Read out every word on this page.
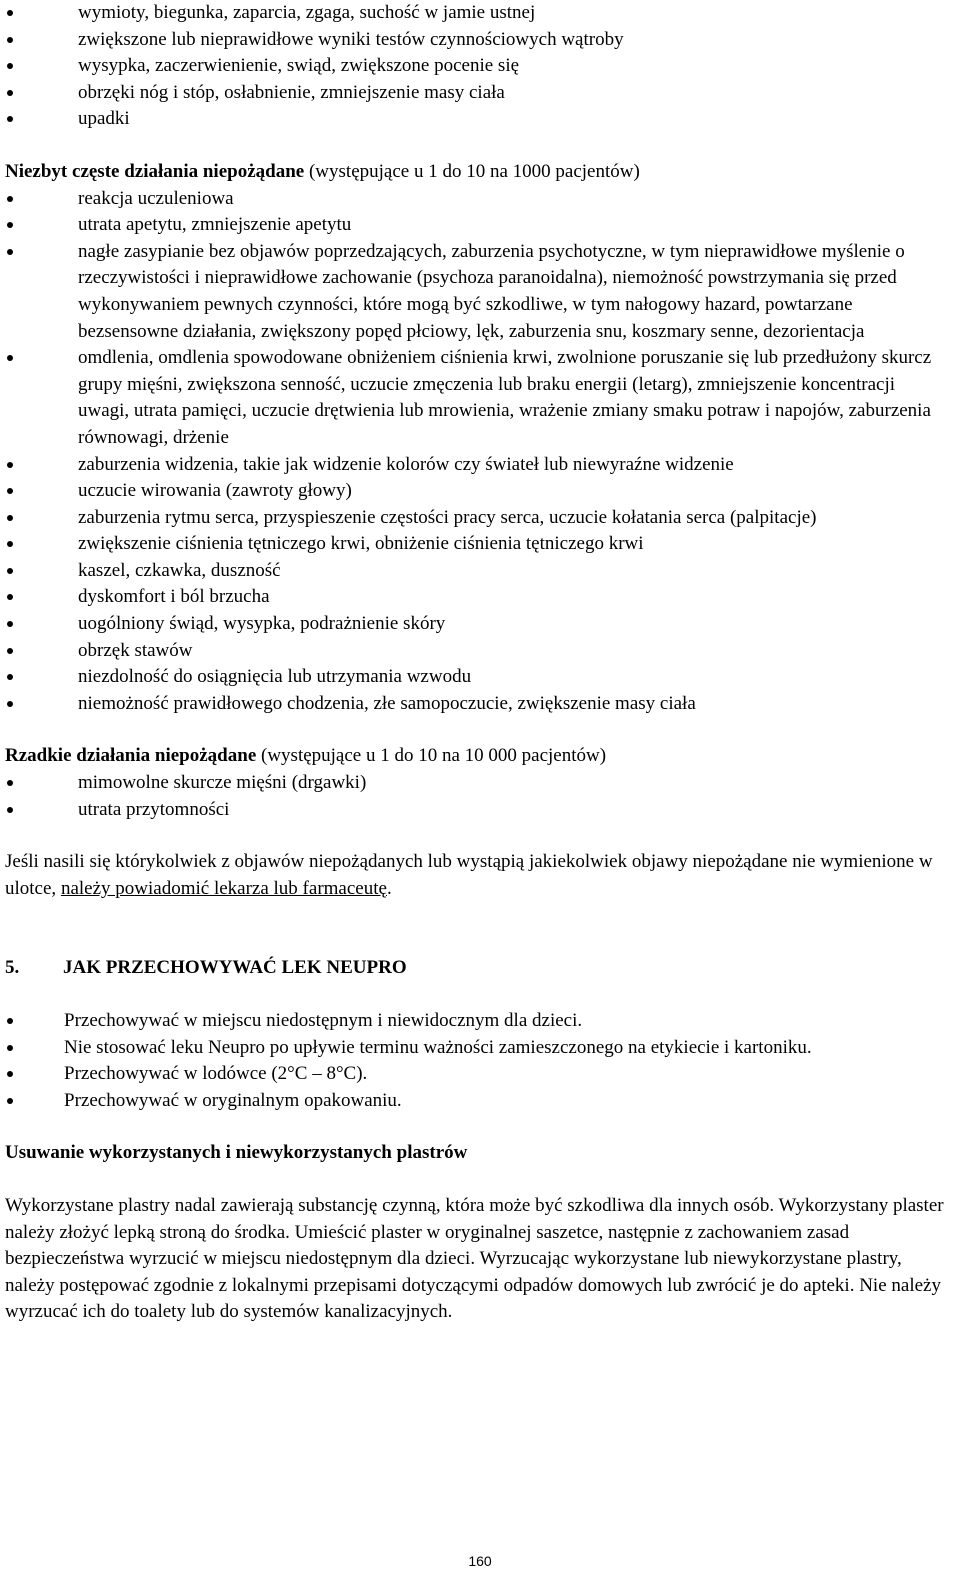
wymioty, biegunka, zaparcia, zgaga, suchość w jamie ustnej
zwiększone lub nieprawidłowe wyniki testów czynnościowych wątroby
wysypka, zaczerwienienie, swiąd, zwiększone pocenie się
obrzęki nóg i stóp, osłabnienie, zmniejszenie masy ciała
upadki
Niezbyt częste działania niepożądane (występujące u 1 do 10 na 1000 pacjentów)
reakcja uczuleniowa
utrata apetytu, zmniejszenie apetytu
nagłe zasypianie bez objawów poprzedzających, zaburzenia psychotyczne, w tym nieprawidłowe myślenie o rzeczywistości i nieprawidłowe zachowanie (psychoza paranoidalna), niemożność powstrzymania się przed wykonywaniem pewnych czynności, które mogą być szkodliwe, w tym nałogowy hazard, powtarzane bezsensowne działania, zwiększony popęd płciowy, lęk, zaburzenia snu, koszmary senne, dezorientacja
omdlenia, omdlenia spowodowane obniżeniem ciśnienia krwi, zwolnione poruszanie się lub przedłużony skurcz grupy mięśni, zwiększona senność, uczucie zmęczenia lub braku energii (letarg), zmniejszenie koncentracji uwagi, utrata pamięci, uczucie drętwienia lub mrowienia, wrażenie zmiany smaku potraw i napojów, zaburzenia równowagi, drżenie
zaburzenia widzenia, takie jak widzenie kolorów czy świateł lub niewyraźne widzenie
uczucie wirowania (zawroty głowy)
zaburzenia rytmu serca, przyspieszenie częstości pracy serca, uczucie kołatania serca (palpitacje)
zwiększenie ciśnienia tętniczego krwi, obniżenie ciśnienia tętniczego krwi
kaszel, czkawka, duszność
dyskomfort i ból brzucha
uogólniony świąd, wysypka, podrażnienie skóry
obrzęk stawów
niezdolność do osiągnięcia lub utrzymania wzwodu
niemożność prawidłowego chodzenia, złe samopoczucie, zwiększenie masy ciała
Rzadkie działania niepożądane (występujące u 1 do 10 na 10 000 pacjentów)
mimowolne skurcze mięśni (drgawki)
utrata przytomności
Jeśli nasili się którykolwiek z objawów niepożądanych lub wystąpią jakiekolwiek objawy niepożądane nie wymienione w ulotce, należy powiadomić lekarza lub farmaceutę.
5. JAK PRZECHOWYWAĆ LEK NEUPRO
Przechowywać w miejscu niedostępnym i niewidocznym dla dzieci.
Nie stosować leku Neupro po upływie terminu ważności zamieszczonego na etykiecie i kartoniku.
Przechowywać w lodówce (2°C – 8°C).
Przechowywać w oryginalnym opakowaniu.
Usuwanie wykorzystanych i niewykorzystanych plastrów
Wykorzystane plastry nadal zawierają substancję czynną, która może być szkodliwa dla innych osób. Wykorzystany plaster należy złożyć lepką stroną do środka. Umieścić plaster w oryginalnej saszetce, następnie z zachowaniem zasad bezpieczeństwa wyrzucić w miejscu niedostępnym dla dzieci. Wyrzucając wykorzystane lub niewykorzystane plastry, należy postępować zgodnie z lokalnymi przepisami dotyczącymi odpadów domowych lub zwrócić je do apteki. Nie należy wyrzucać ich do toalety lub do systemów kanalizacyjnych.
160
